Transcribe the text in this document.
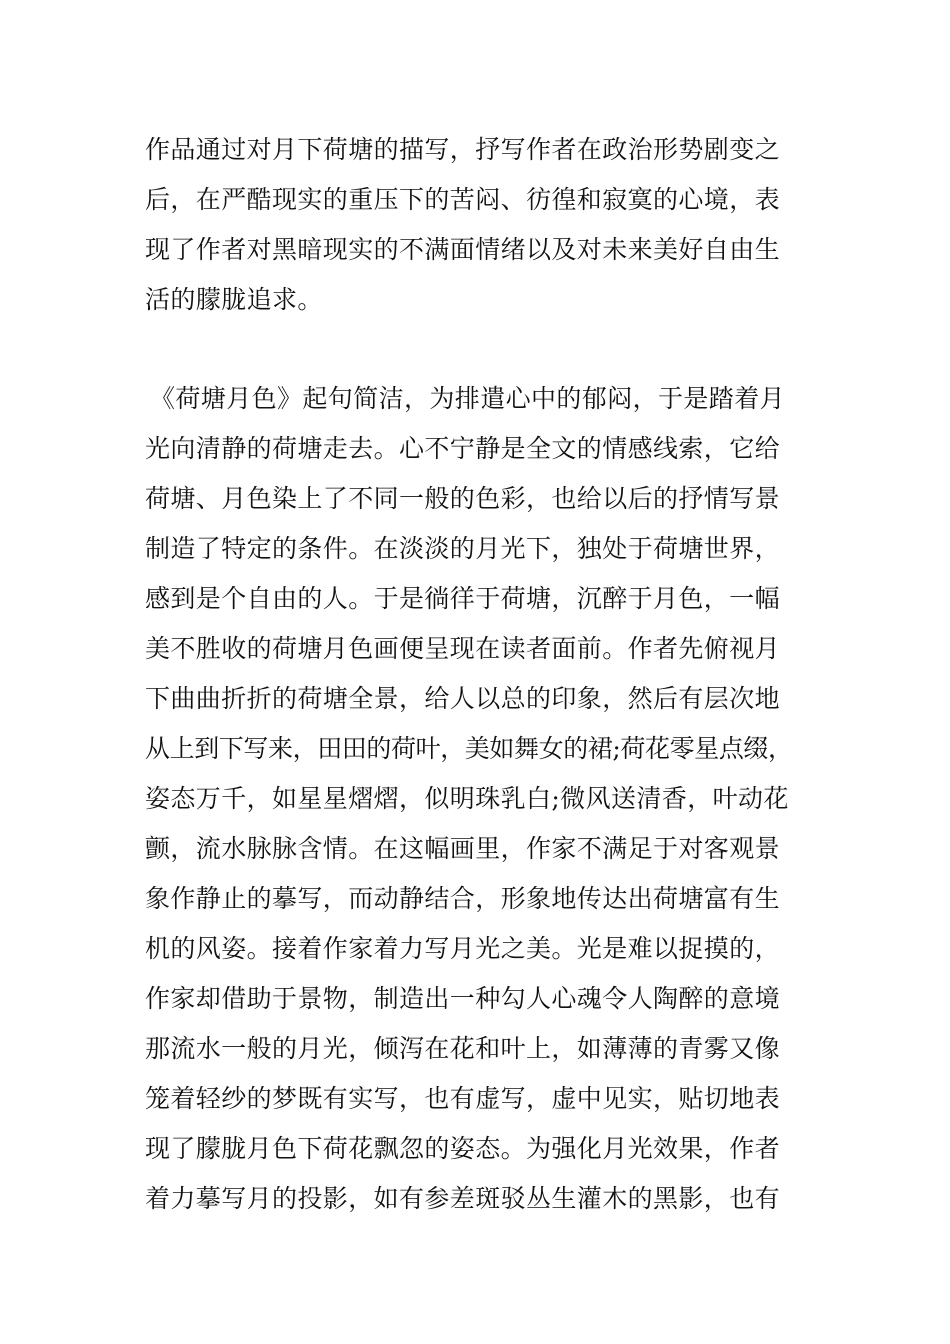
作品通过对月下荷塘的描写，抒写作者在政治形势剧变之
后，在严酷现实的重压下的苦闷、彷徨和寂寞的心境，表
现了作者对黑暗现实的不满面情绪以及对未来美好自由生
活的朦胧追求。
《荷塘月色》起句简洁，为排遣心中的郁闷，于是踏着月
光向清静的荷塘走去。心不宁静是全文的情感线索，它给
荷塘、月色染上了不同一般的色彩，也给以后的抒情写景
制造了特定的条件。在淡淡的月光下，独处于荷塘世界，
感到是个自由的人。于是徜徉于荷塘，沉醉于月色，一幅
美不胜收的荷塘月色画便呈现在读者面前。作者先俯视月
下曲曲折折的荷塘全景，给人以总的印象，然后有层次地
从上到下写来，田田的荷叶，美如舞女的裙;荷花零星点缀，
姿态万千，如星星熠熠，似明珠乳白;微风送清香，叶动花
颤，流水脉脉含情。在这幅画里，作家不满足于对客观景
象作静止的摹写，而动静结合，形象地传达出荷塘富有生
机的风姿。接着作家着力写月光之美。光是难以捉摸的，
作家却借助于景物，制造出一种勾人心魂令人陶醉的意境
那流水一般的月光，倾泻在花和叶上，如薄薄的青雾又像
笼着轻纱的梦既有实写，也有虚写，虚中见实，贴切地表
现了朦胧月色下荷花飘忽的姿态。为强化月光效果，作者
着力摹写月的投影，如有参差斑驳丛生灌木的黑影，也有
